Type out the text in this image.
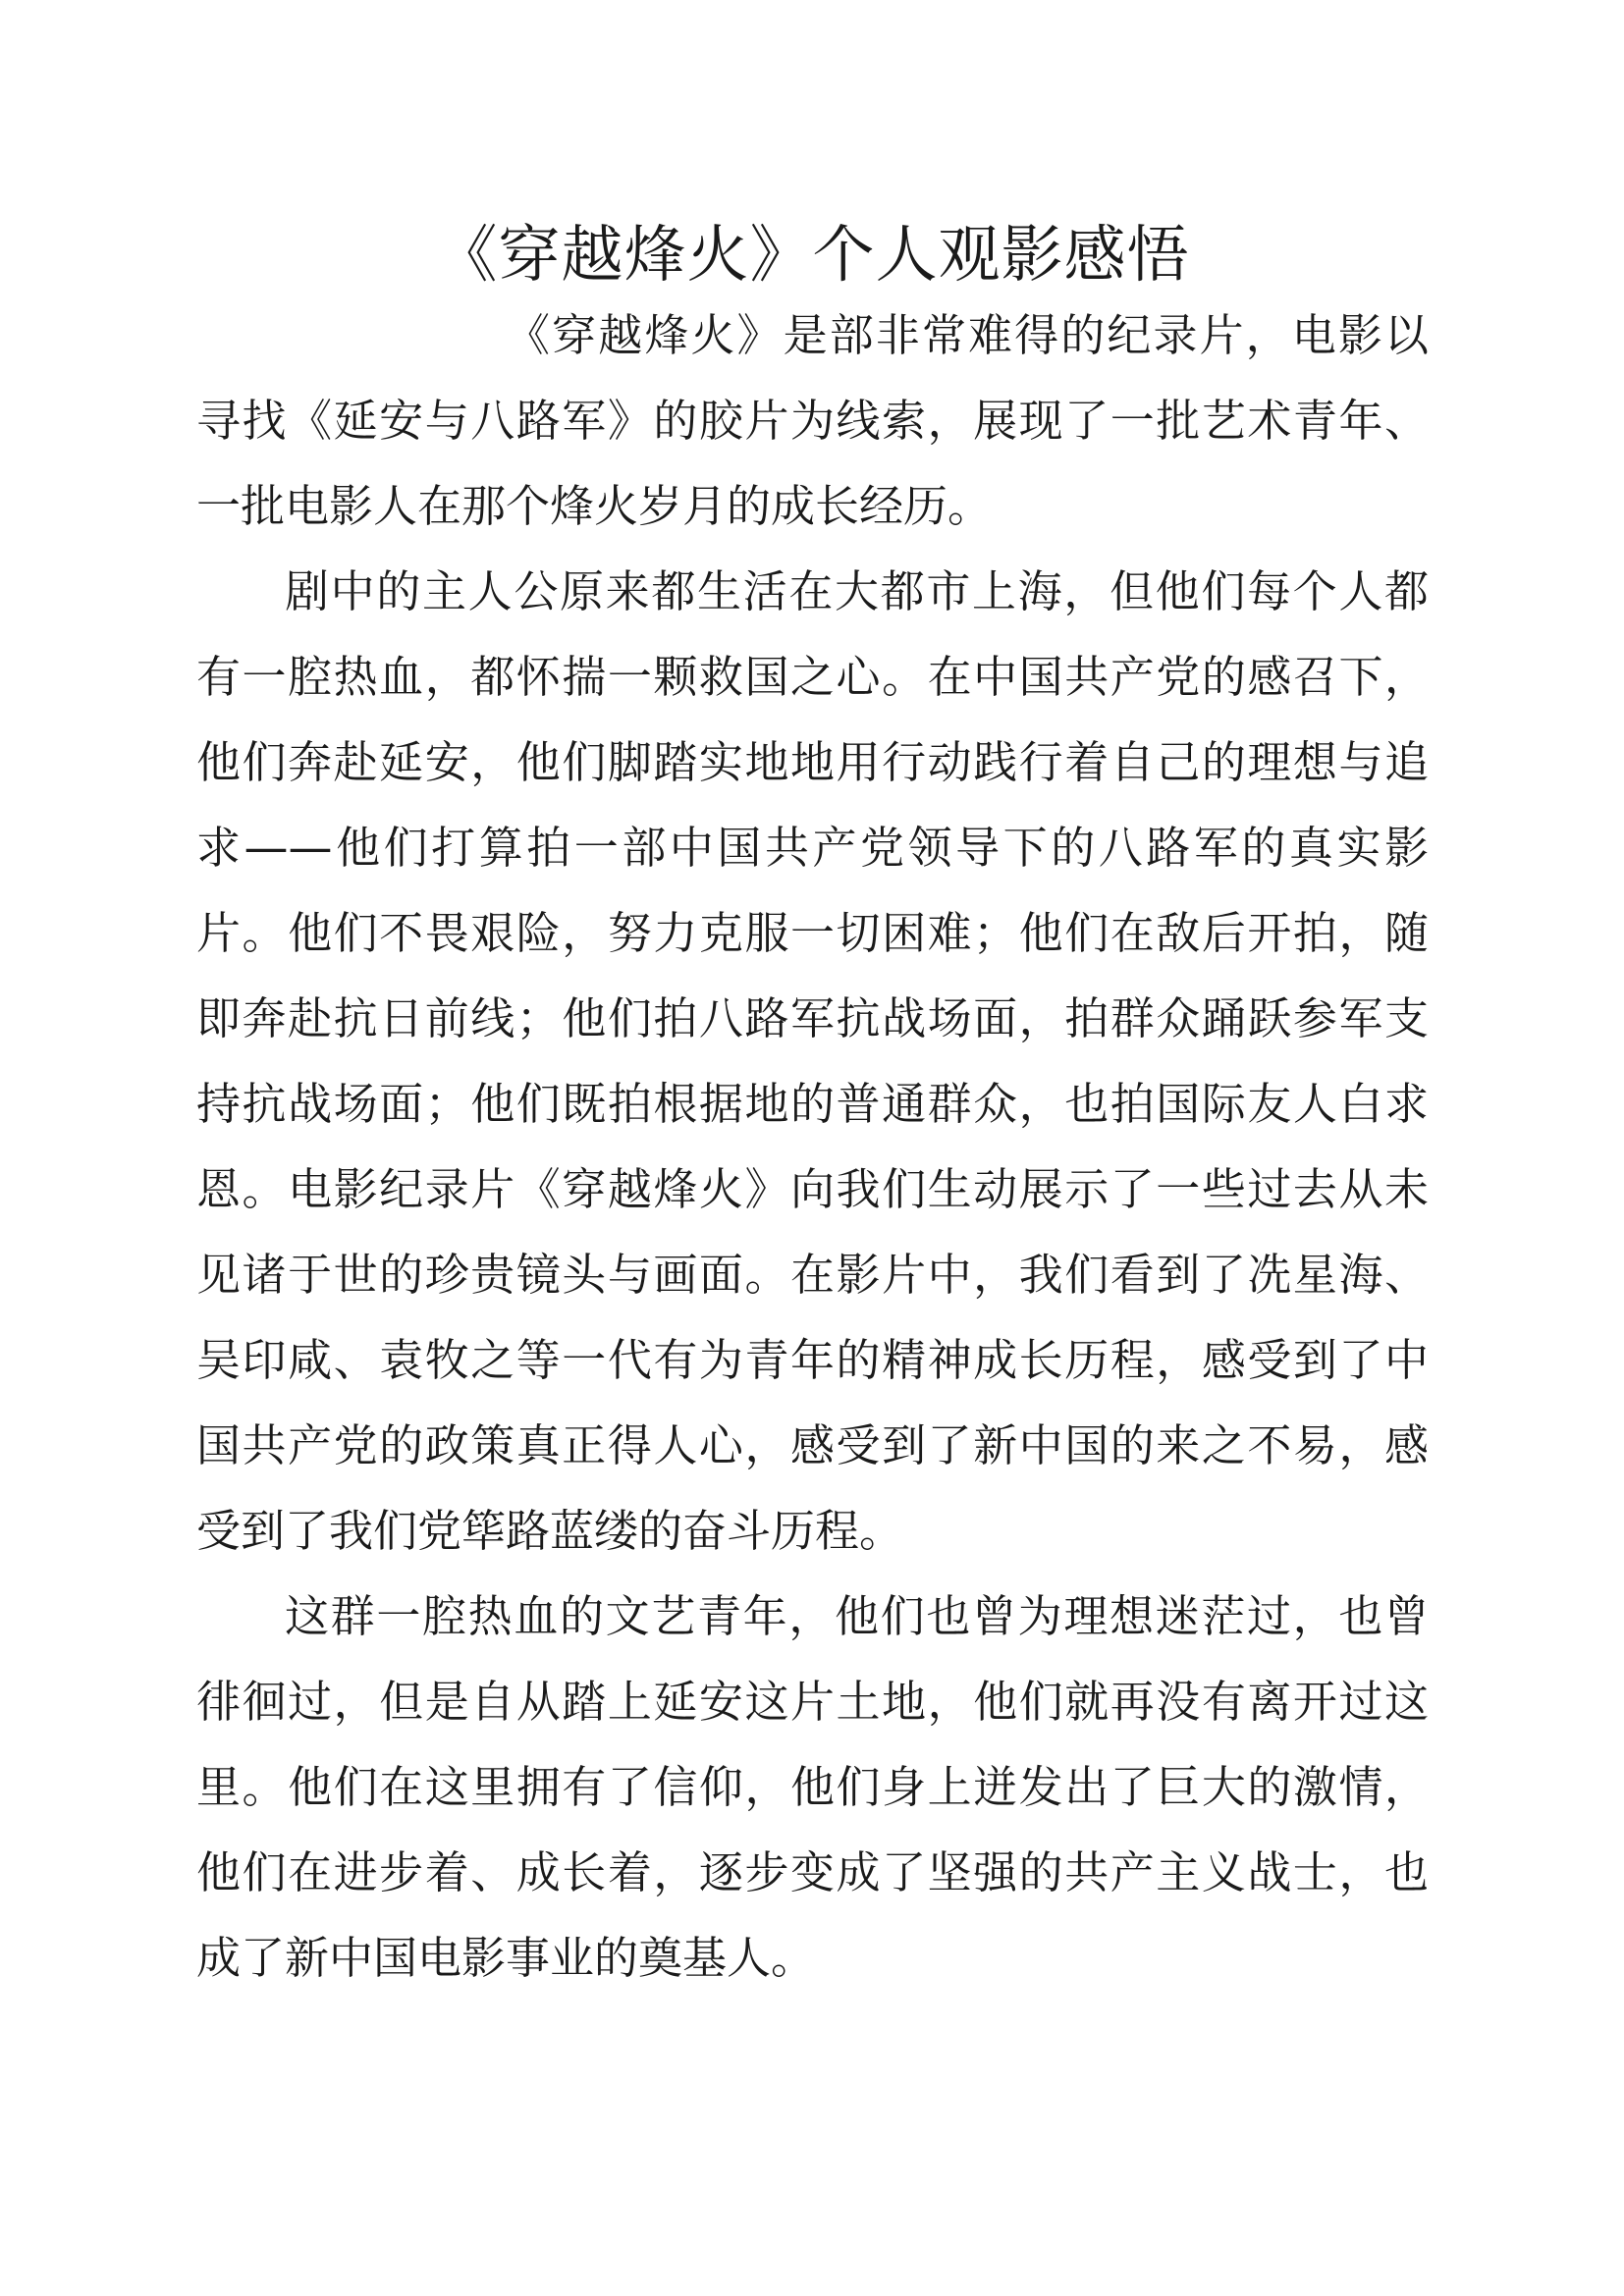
《穿越烽火》个人观影感悟

《穿越烽火》是部非常难得的纪录片，电影以寻找《延安与八路军》的胶片为线索，展现了一批艺术青年、一批电影人在那个烽火岁月的成长经历。

剧中的主人公原来都生活在大都市上海，但他们每个人都有一腔热血，都怀揣一颗救国之心。在中国共产党的感召下，他们奔赴延安，他们脚踏实地地用行动践行着自己的理想与追求——他们打算拍一部中国共产党领导下的八路军的真实影片。他们不畏艰险，努力克服一切困难；他们在敌后开拍，随即奔赴抗日前线；他们拍八路军抗战场面，拍群众踊跃参军支持抗战场面；他们既拍根据地的普通群众，也拍国际友人白求恩。电影纪录片《穿越烽火》向我们生动展示了一些过去从未见诸于世的珍贵镜头与画面。在影片中，我们看到了冼星海、吴印咸、袁牧之等一代有为青年的精神成长历程，感受到了中国共产党的政策真正得人心，感受到了新中国的来之不易，感受到了我们党筚路蓝缕的奋斗历程。

这群一腔热血的文艺青年，他们也曾为理想迷茫过，也曾徘徊过，但是自从踏上延安这片土地，他们就再没有离开过这里。他们在这里拥有了信仰，他们身上迸发出了巨大的激情，他们在进步着、成长着，逐步变成了坚强的共产主义战士，也成了新中国电影事业的奠基人。
